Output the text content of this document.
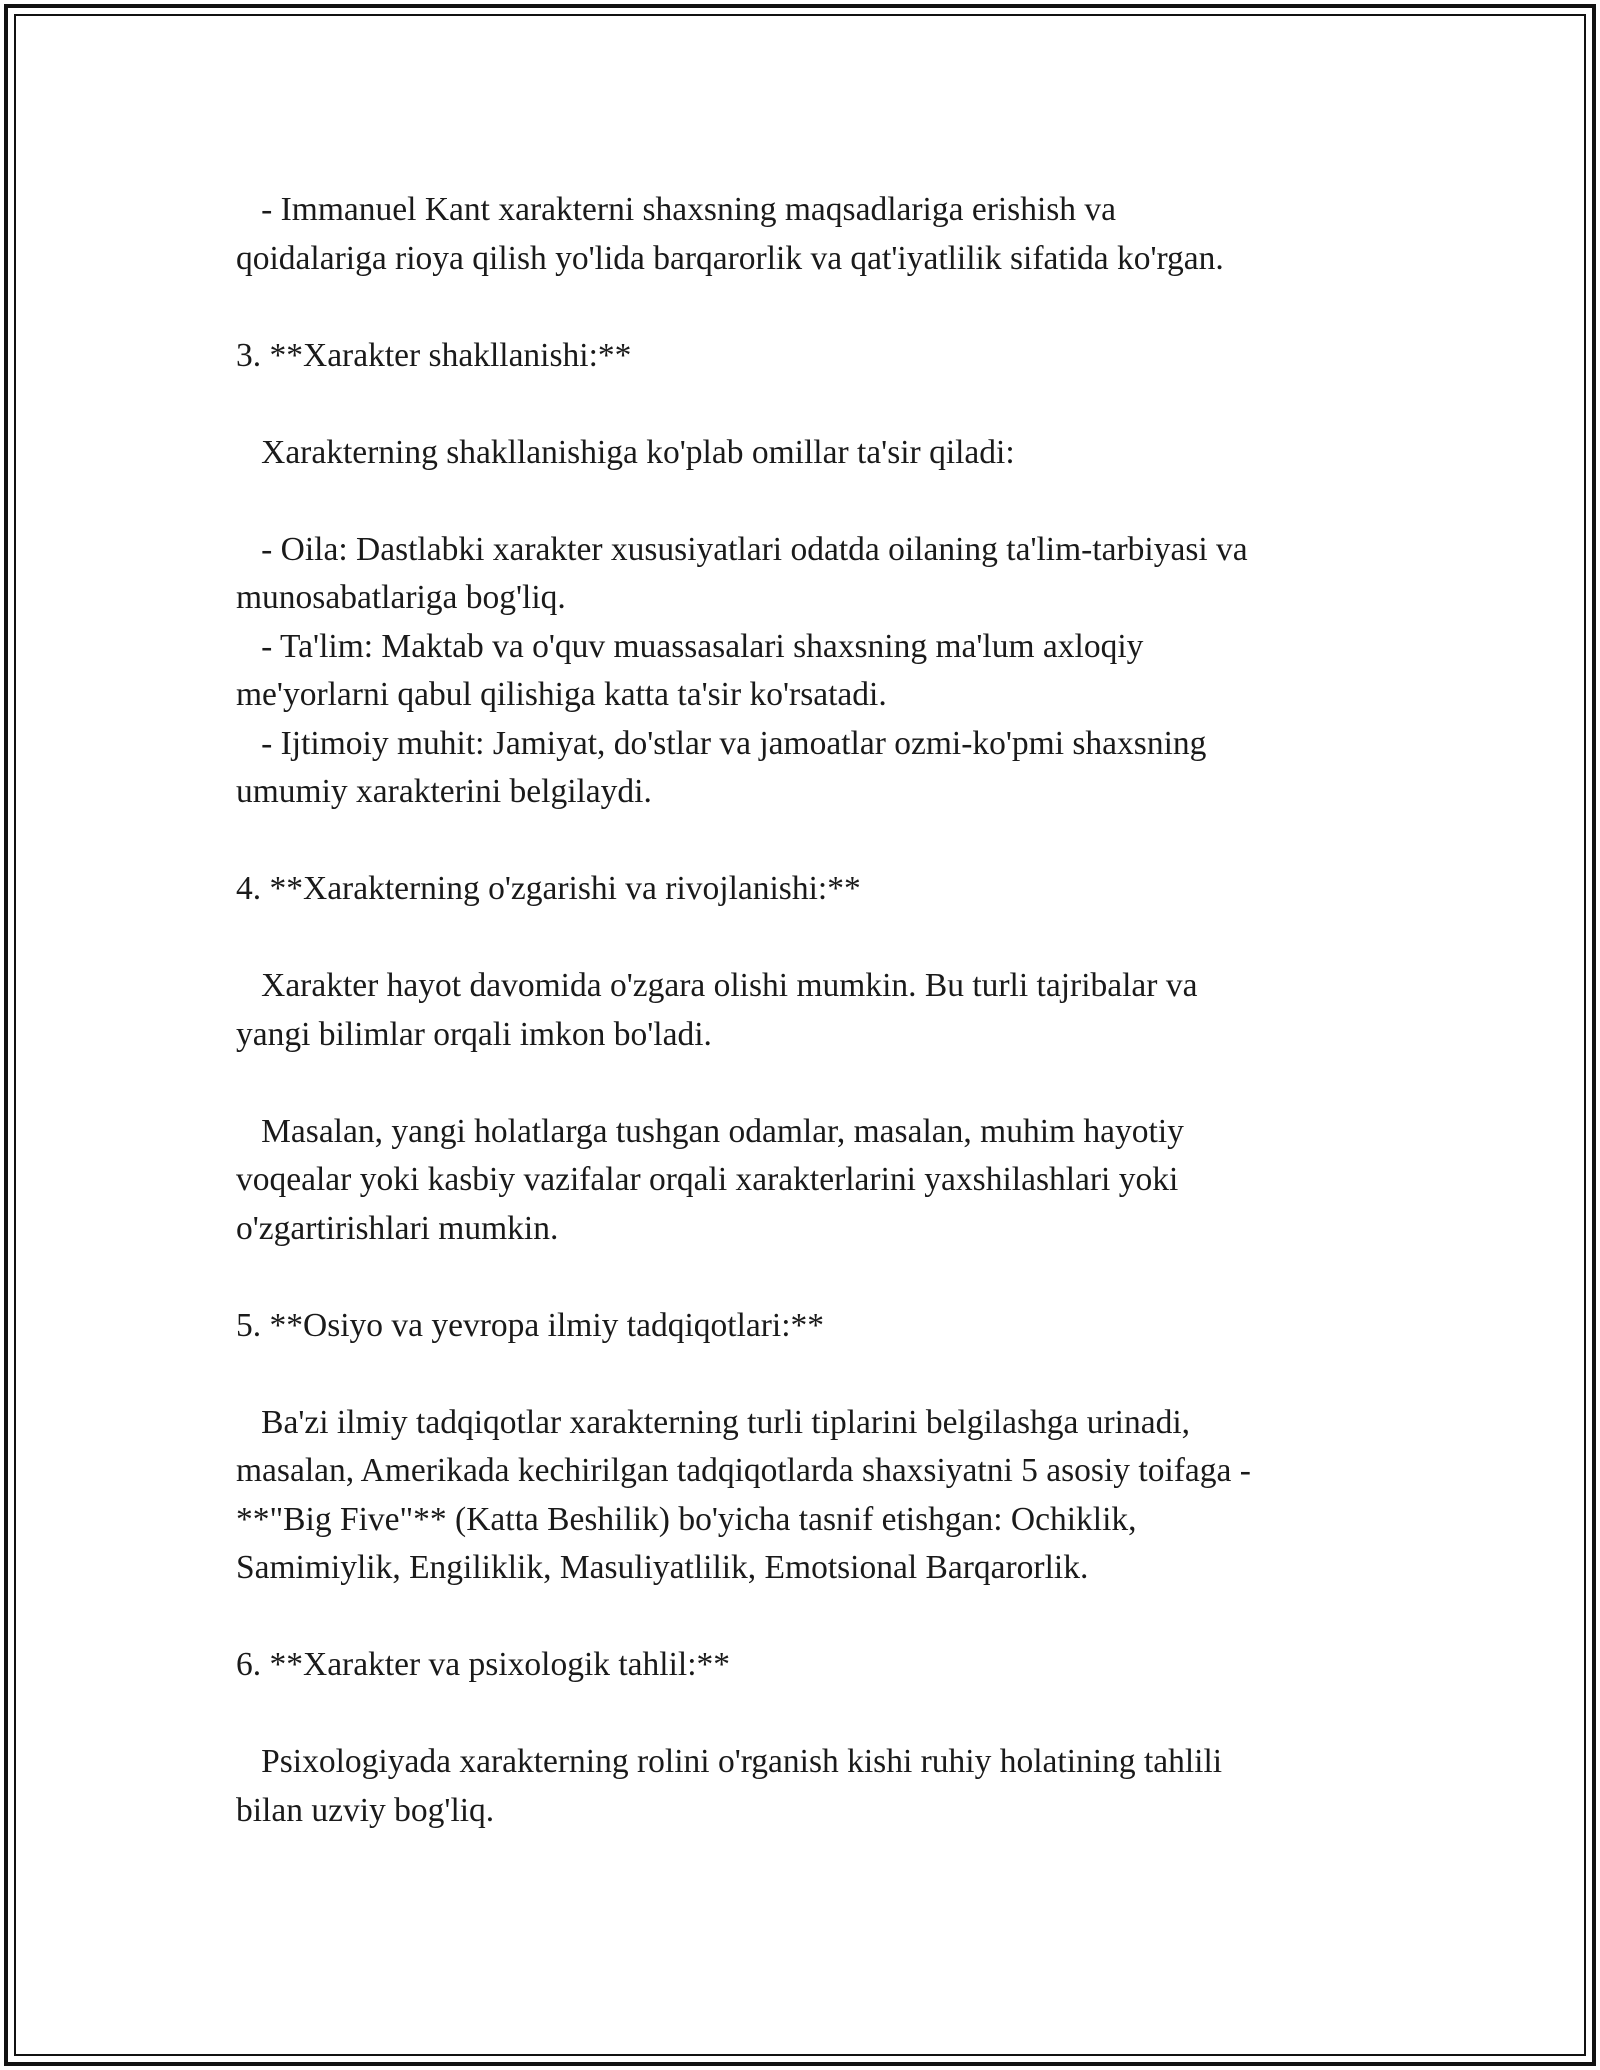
- Immanuel Kant xarakterni shaxsning maqsadlariga erishish va
qoidalariga rioya qilish yo'lida barqarorlik va qat'iyatlilik sifatida ko'rgan.

3. **Xarakter shakllanishi:**

Xarakterning shakllanishiga ko'plab omillar ta'sir qiladi:

- Oila: Dastlabki xarakter xususiyatlari odatda oilaning ta'lim-tarbiyasi va
munosabatlariga bog'liq.
- Ta'lim: Maktab va o'quv muassasalari shaxsning ma'lum axloqiy
me'yorlarni qabul qilishiga katta ta'sir ko'rsatadi.
- Ijtimoiy muhit: Jamiyat, do'stlar va jamoatlar ozmi-ko'pmi shaxsning
umumiy xarakterini belgilaydi.

4. **Xarakterning o'zgarishi va rivojlanishi:**

Xarakter hayot davomida o'zgara olishi mumkin. Bu turli tajribalar va
yangi bilimlar orqali imkon bo'ladi.

Masalan, yangi holatlarga tushgan odamlar, masalan, muhim hayotiy
voqealar yoki kasbiy vazifalar orqali xarakterlarini yaxshilashlari yoki
o'zgartirishlari mumkin.

5. **Osiyo va yevropa ilmiy tadqiqotlari:**

Ba'zi ilmiy tadqiqotlar xarakterning turli tiplarini belgilashga urinadi,
masalan, Amerikada kechirilgan tadqiqotlarda shaxsiyatni 5 asosiy toifaga -
**"Big Five"** (Katta Beshilik) bo'yicha tasnif etishgan: Ochiklik,
Samimiylik, Engiliklik, Masuliyatlilik, Emotsional Barqarorlik.

6. **Xarakter va psixologik tahlil:**

Psixologiyada xarakterning rolini o'rganish kishi ruhiy holatining tahlili
bilan uzviy bog'liq.
